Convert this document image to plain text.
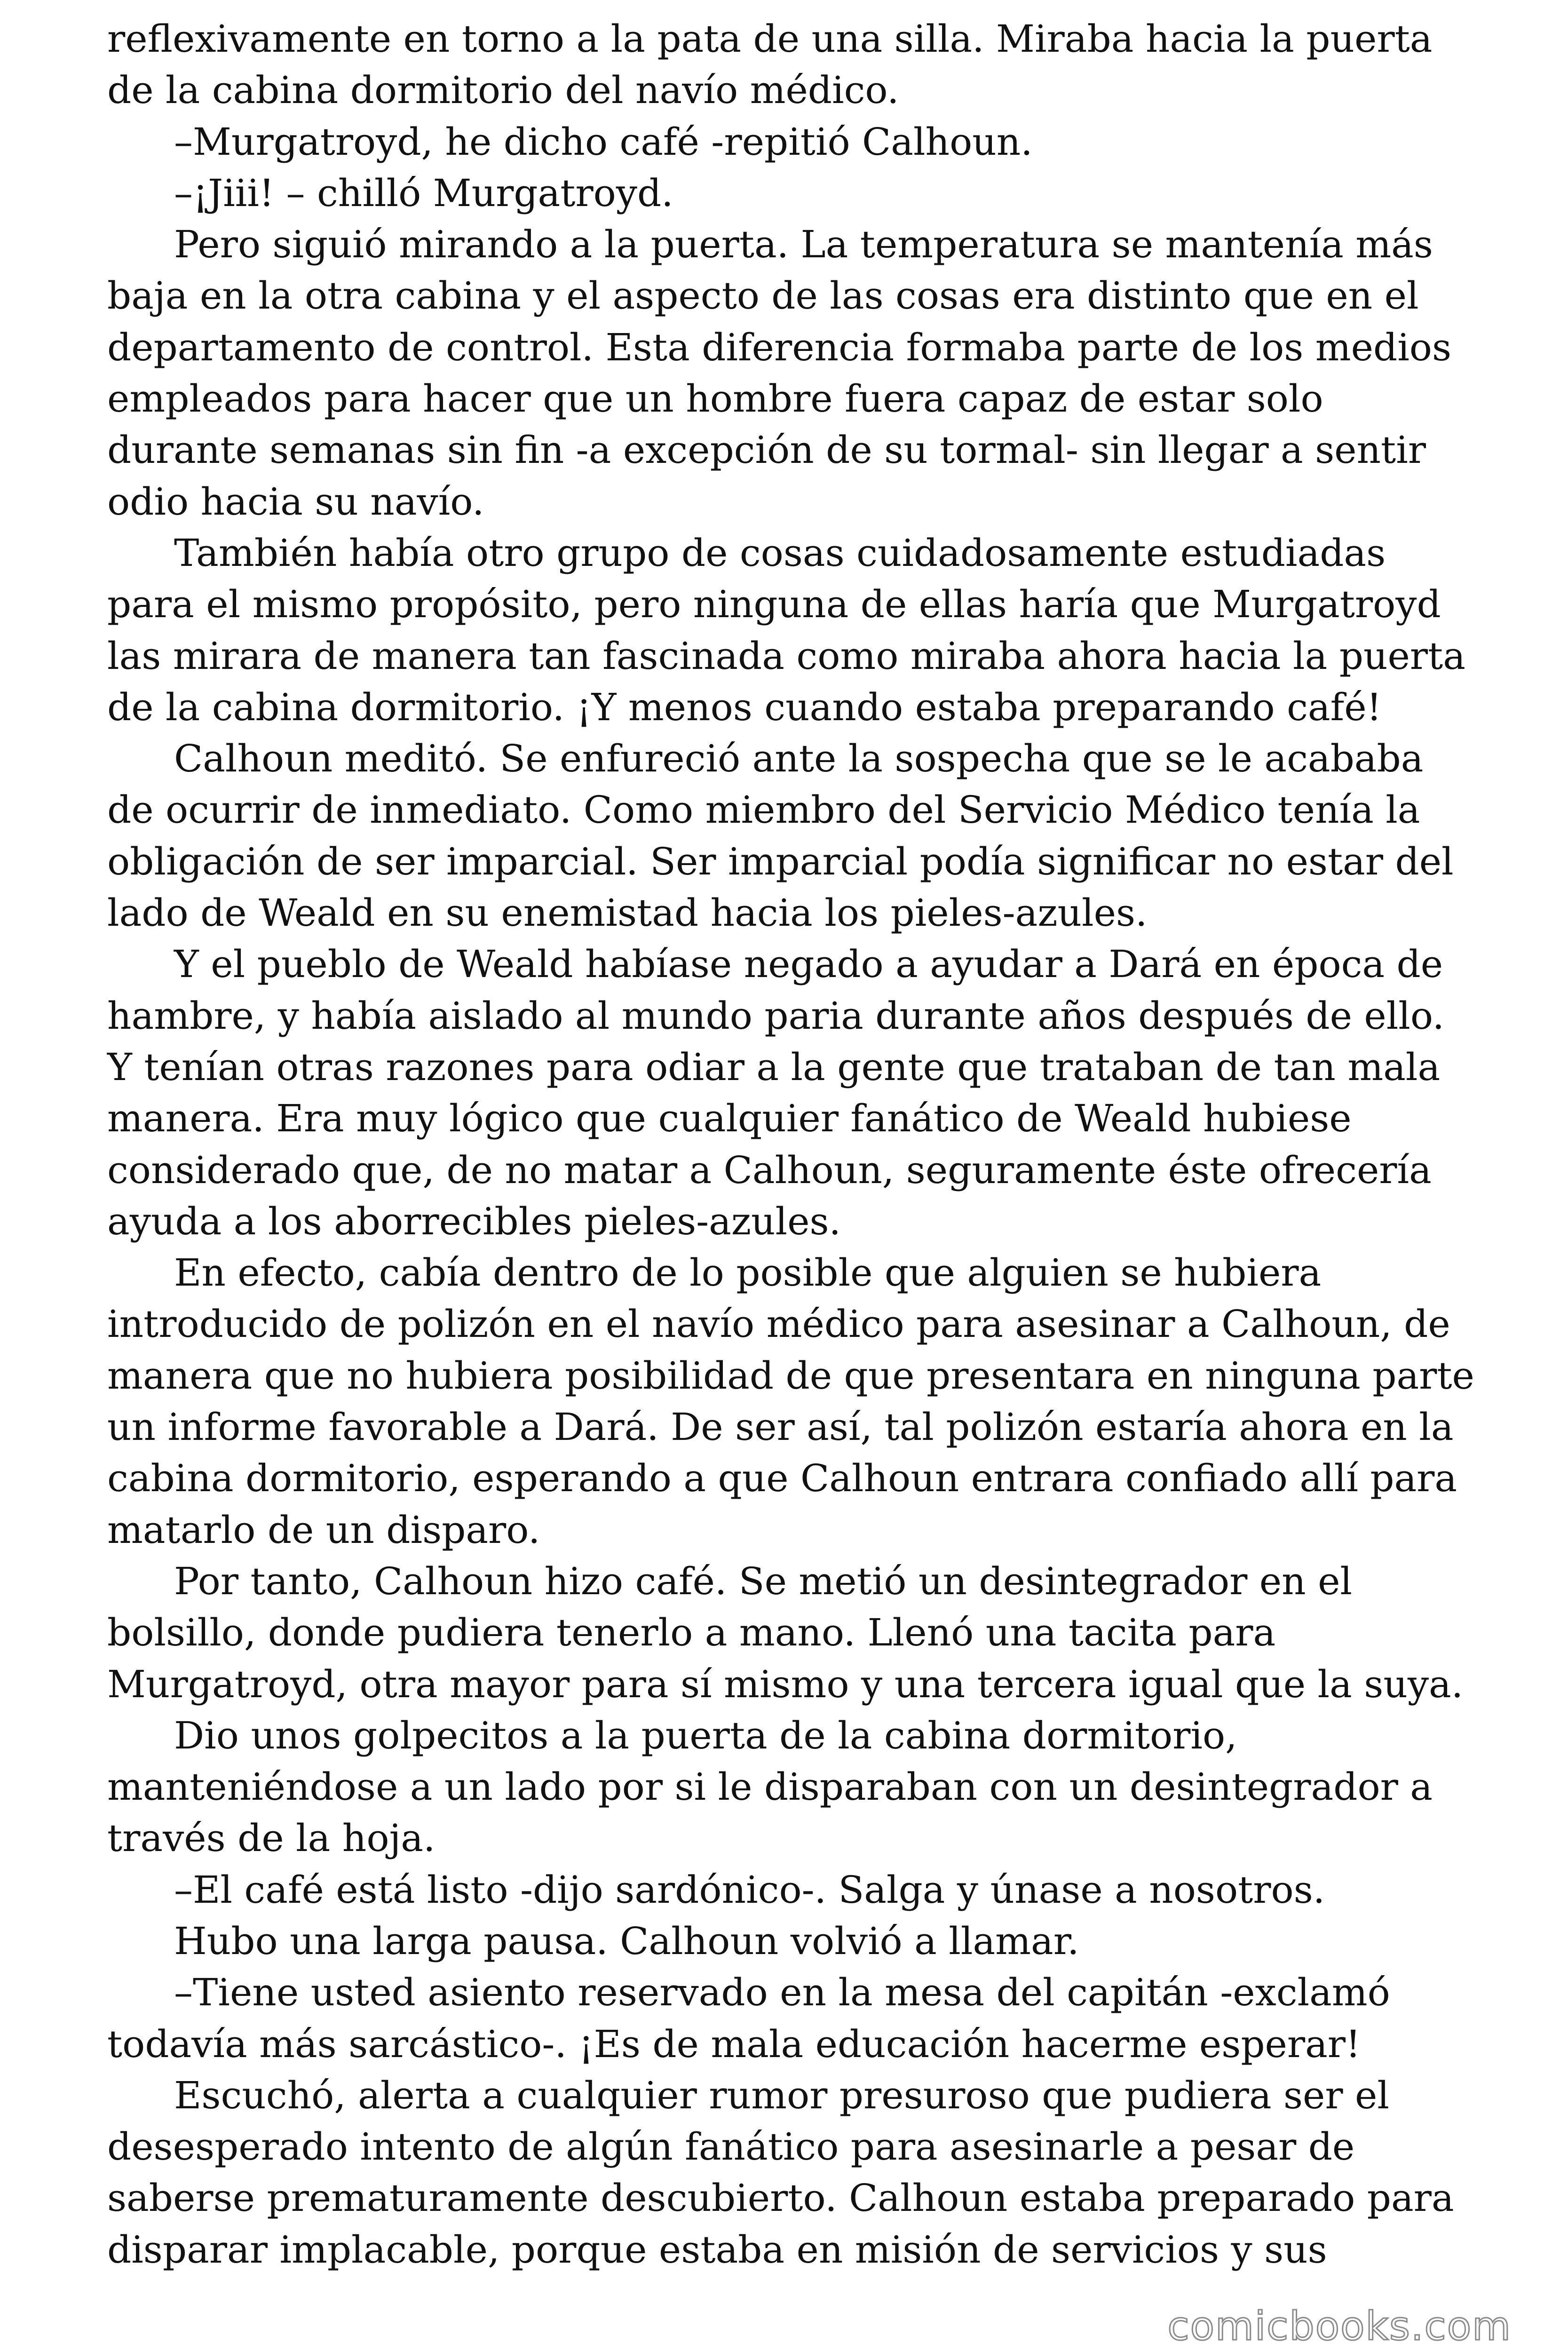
reflexivamente en torno a la pata de una silla. Miraba hacia la puerta de la cabina dormitorio del navío médico.

–Murgatroyd, he dicho café -repitió Calhoun.

–¡Jiii! – chilló Murgatroyd.

Pero siguió mirando a la puerta. La temperatura se mantenía más baja en la otra cabina y el aspecto de las cosas era distinto que en el departamento de control. Esta diferencia formaba parte de los medios empleados para hacer que un hombre fuera capaz de estar solo durante semanas sin fin -a excepción de su tormal- sin llegar a sentir odio hacia su navío.

También había otro grupo de cosas cuidadosamente estudiadas para el mismo propósito, pero ninguna de ellas haría que Murgatroyd las mirara de manera tan fascinada como miraba ahora hacia la puerta de la cabina dormitorio. ¡Y menos cuando estaba preparando café!

Calhoun meditó. Se enfureció ante la sospecha que se le acababa de ocurrir de inmediato. Como miembro del Servicio Médico tenía la obligación de ser imparcial. Ser imparcial podía significar no estar del lado de Weald en su enemistad hacia los pieles-azules.

Y el pueblo de Weald habíase negado a ayudar a Dará en época de hambre, y había aislado al mundo paria durante años después de ello. Y tenían otras razones para odiar a la gente que trataban de tan mala manera. Era muy lógico que cualquier fanático de Weald hubiese considerado que, de no matar a Calhoun, seguramente éste ofrecería ayuda a los aborrecibles pieles-azules.

En efecto, cabía dentro de lo posible que alguien se hubiera introducido de polizón en el navío médico para asesinar a Calhoun, de manera que no hubiera posibilidad de que presentara en ninguna parte un informe favorable a Dará. De ser así, tal polizón estaría ahora en la cabina dormitorio, esperando a que Calhoun entrara confiado allí para matarlo de un disparo.

Por tanto, Calhoun hizo café. Se metió un desintegrador en el bolsillo, donde pudiera tenerlo a mano. Llenó una tacita para Murgatroyd, otra mayor para sí mismo y una tercera igual que la suya.

Dio unos golpecitos a la puerta de la cabina dormitorio, manteniéndose a un lado por si le disparaban con un desintegrador a través de la hoja.

–El café está listo -dijo sardónico-. Salga y únase a nosotros.

Hubo una larga pausa. Calhoun volvió a llamar.

–Tiene usted asiento reservado en la mesa del capitán -exclamó todavía más sarcástico-. ¡Es de mala educación hacerme esperar!

Escuchó, alerta a cualquier rumor presuroso que pudiera ser el desesperado intento de algún fanático para asesinarle a pesar de saberse prematuramente descubierto. Calhoun estaba preparado para disparar implacable, porque estaba en misión de servicios y sus

comicbooks.com
